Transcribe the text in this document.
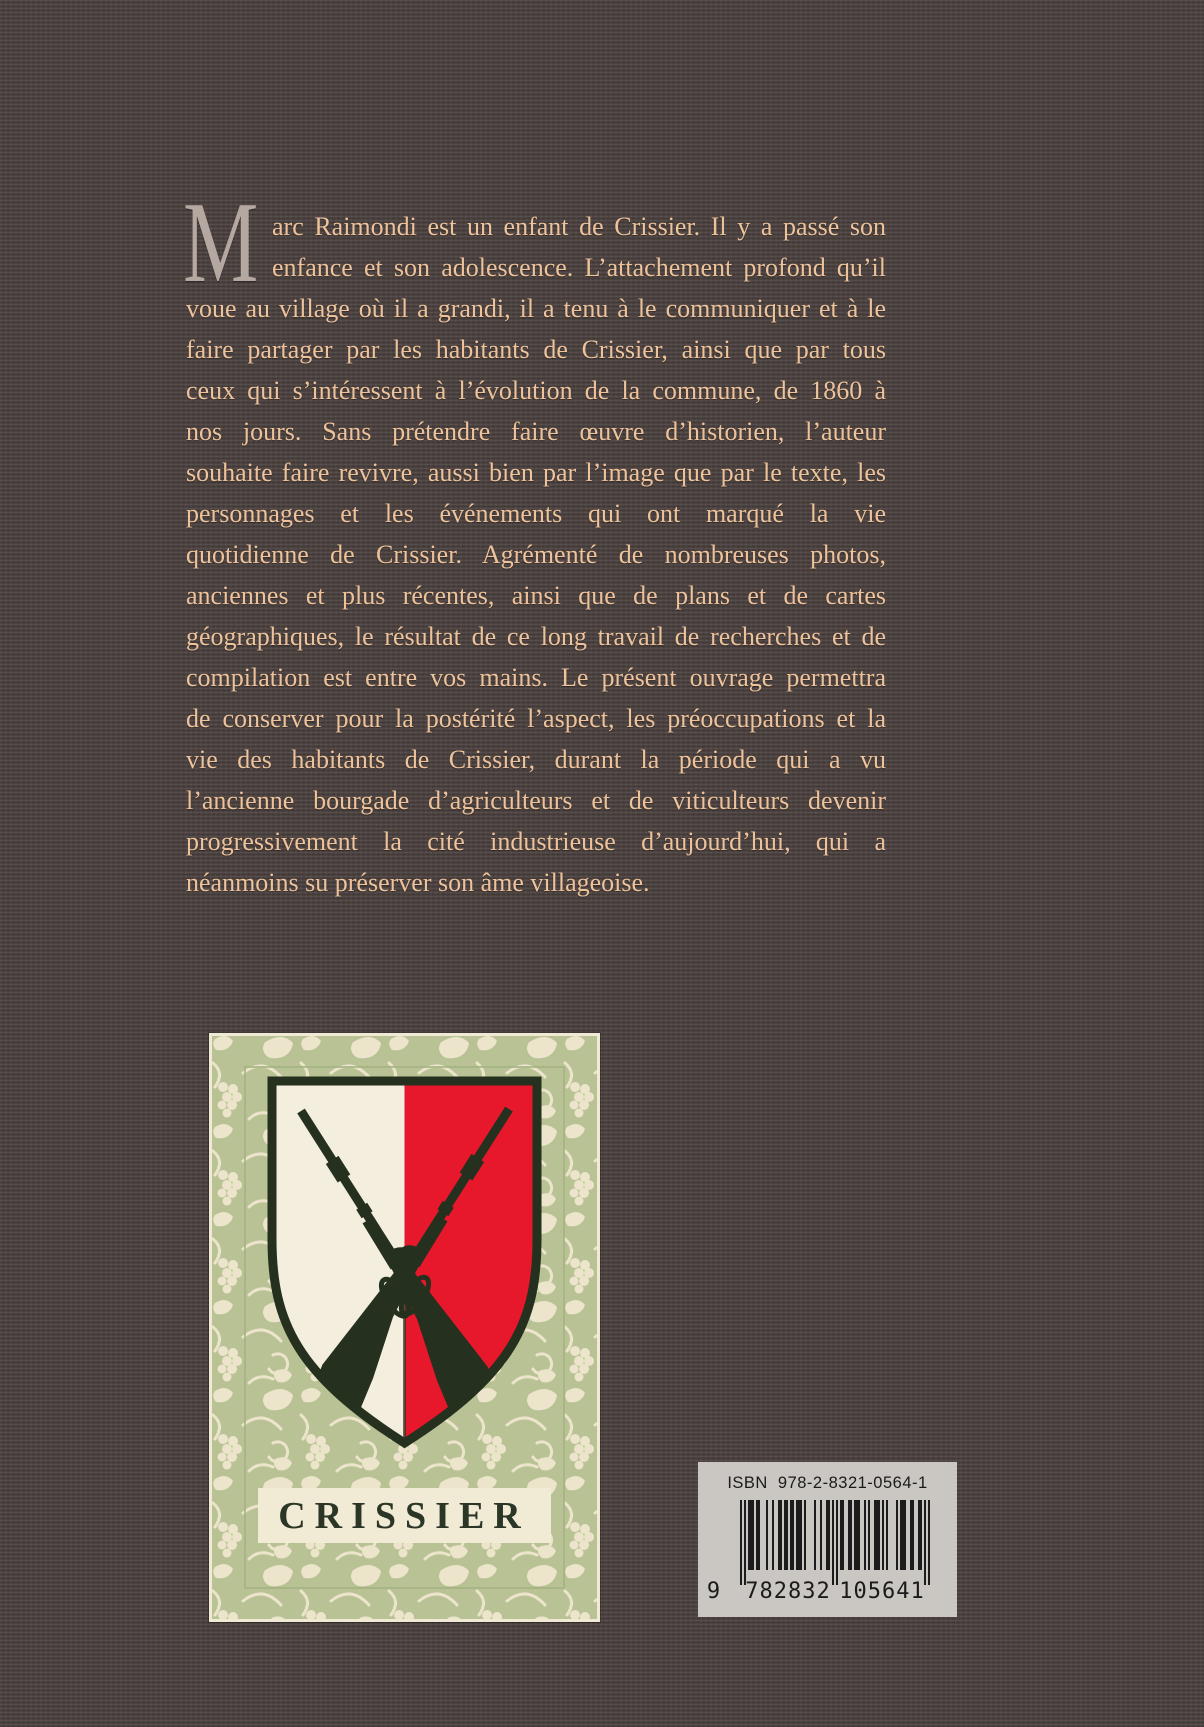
M arc Raimondi est un enfant de Crissier. Il y a passé son
enfance et son adolescence. L’attachement profond qu’il
voue au village où il a grandi, il a tenu à le communiquer et à le
faire partager par les habitants de Crissier, ainsi que par tous
ceux qui s’intéressent à l’évolution de la commune, de 1860 à
nos jours. Sans prétendre faire œuvre d’historien, l’auteur
souhaite faire revivre, aussi bien par l’image que par le texte, les
personnages et les événements qui ont marqué la vie
quotidienne de Crissier. Agrémenté de nombreuses photos,
anciennes et plus récentes, ainsi que de plans et de cartes
géographiques, le résultat de ce long travail de recherches et de
compilation est entre vos mains. Le présent ouvrage permettra
de conserver pour la postérité l’aspect, les préoccupations et la
vie des habitants de Crissier, durant la période qui a vu
l’ancienne bourgade d’agriculteurs et de viticulteurs devenir
progressivement la cité industrieuse d’aujourd’hui, qui a
néanmoins su préserver son âme villageoise.
CRISSIER
ISBN 978-2-8321-0564-1
9 782832 105641
